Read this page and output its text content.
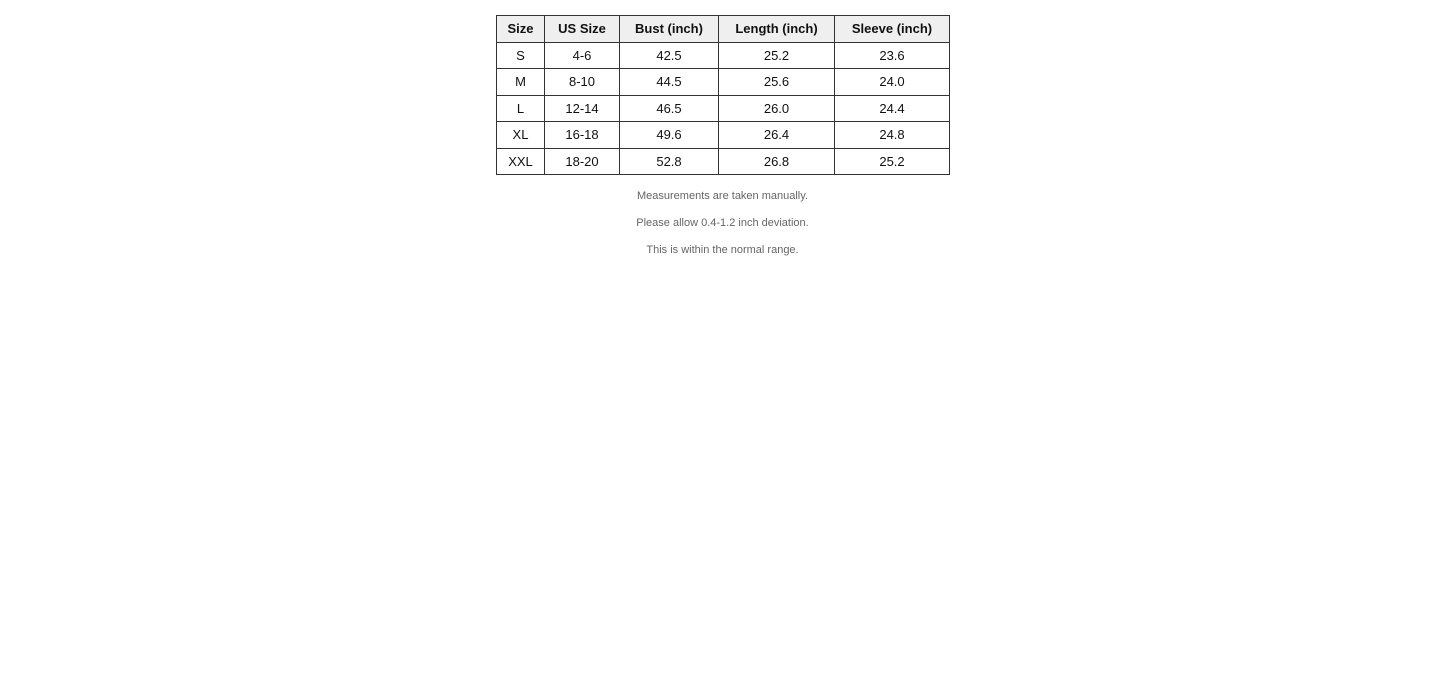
Size	US Size	Bust (inch)	Length (inch)	Sleeve (inch)
S	4-6	42.5	25.2	23.6
M	8-10	44.5	25.6	24.0
L	12-14	46.5	26.0	24.4
XL	16-18	49.6	26.4	24.8
XXL	18-20	52.8	26.8	25.2

Measurements are taken manually.

Please allow 0.4-1.2 inch deviation.

This is within the normal range.
